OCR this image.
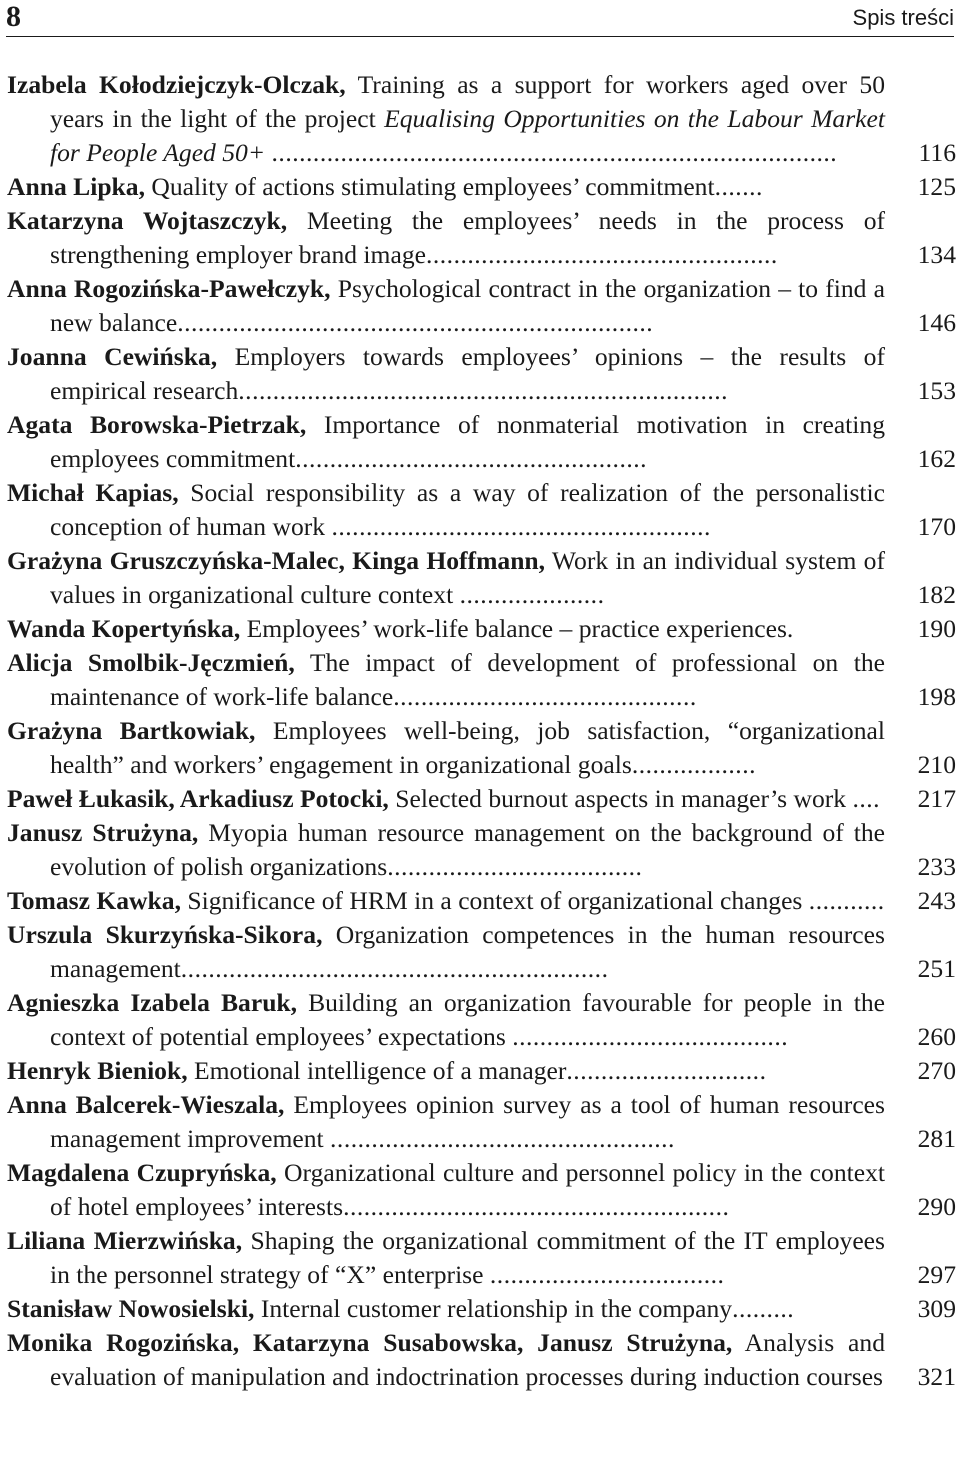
8	Spis treści
Izabela Kołodziejczyk-Olczak, Training as a support for workers aged over 50 years in the light of the project Equalising Opportunities on the Labour Market for People Aged 50+ ..................................................................................	116
Anna Lipka, Quality of actions stimulating employees’ commitment.......	125
Katarzyna Wojtaszczyk, Meeting the employees’ needs in the process of strengthening employer brand image...................................................	134
Anna Rogozińska-Pawełczyk, Psychological contract in the organization – to find a new balance.....................................................................	146
Joanna Cewińska, Employers towards employees’ opinions – the results of empirical research.......................................................................	153
Agata Borowska-Pietrzak, Importance of nonmaterial motivation in creating employees commitment...................................................	162
Michał Kapias, Social responsibility as a way of realization of the personalistic conception of human work .......................................................	170
Grażyna Gruszczyńska-Malec, Kinga Hoffmann, Work in an individual system of values in organizational culture context .....................	182
Wanda Kopertyńska, Employees’ work-life balance – practice experiences.	190
Alicja Smolbik-Jęczmień, The impact of development of professional on the maintenance of work-life balance............................................	198
Grażyna Bartkowiak, Employees well-being, job satisfaction, “organizational health” and workers’ engagement in organizational goals..................	210
Paweł Łukasik, Arkadiusz Potocki, Selected burnout aspects in manager’s work .... 217
Janusz Strużyna, Myopia human resource management on the background of the evolution of polish organizations.....................................	233
Tomasz Kawka, Significance of HRM in a context of organizational changes ........... 243
Urszula Skurzyńska-Sikora, Organization competences in the human resources management..............................................................	251
Agnieszka Izabela Baruk, Building an organization favourable for people in the context of potential employees’ expectations ........................................	260
Henryk Bieniok, Emotional intelligence of a manager.............................	270
Anna Balcerek-Wieszala, Employees opinion survey as a tool of human resources management improvement ..................................................	281
Magdalena Czupryńska, Organizational culture and personnel policy in the context of hotel employees’ interests........................................................	290
Liliana Mierzwińska, Shaping the organizational commitment of the IT employees in the personnel strategy of “X” enterprise ..................................	297
Stanisław Nowosielski, Internal customer relationship in the company.........	309
Monika Rogozińska, Katarzyna Susabowska, Janusz Strużyna, Analysis and evaluation of manipulation and indoctrination processes during induction courses 321
